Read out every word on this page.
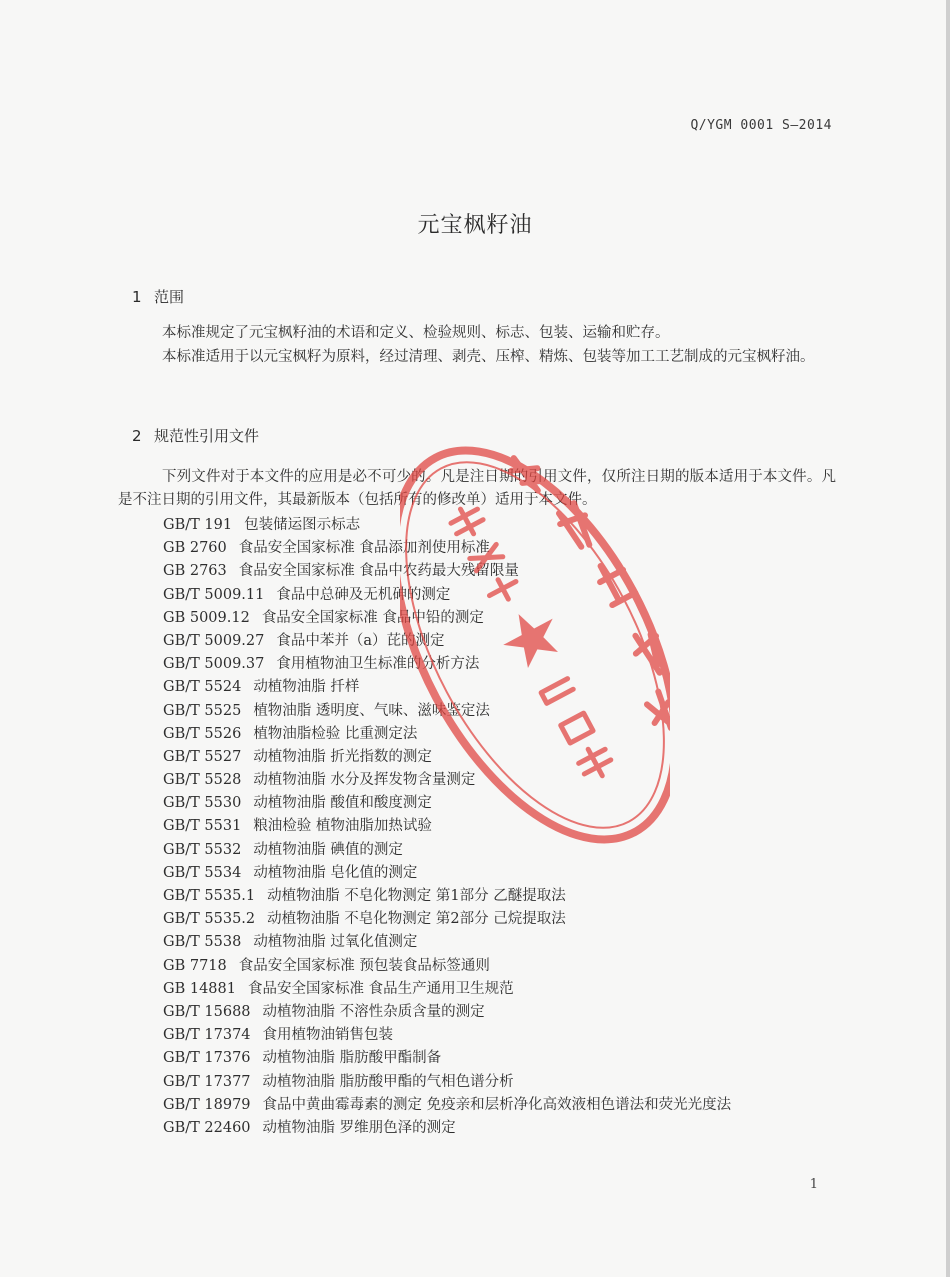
Q/YGM 0001 S—2014
元宝枫籽油
1 范围

本标准规定了元宝枫籽油的术语和定义、检验规则、标志、包装、运输和贮存。

本标准适用于以元宝枫籽为原料，经过清理、剥壳、压榨、精炼、包装等加工工艺制成的元宝枫籽油。

2 规范性引用文件

下列文件对于本文件的应用是必不可少的。凡是注日期的引用文件，仅所注日期的版本适用于本文件。凡是不注日期的引用文件，其最新版本（包括所有的修改单）适用于本文件。

GB/T 191 包装储运图示标志
GB 2760 食品安全国家标准 食品添加剂使用标准
GB 2763 食品安全国家标准 食品中农药最大残留限量
GB/T 5009.11 食品中总砷及无机砷的测定
GB 5009.12 食品安全国家标准 食品中铅的测定
GB/T 5009.27 食品中苯并（a）芘的测定
GB/T 5009.37 食用植物油卫生标准的分析方法
GB/T 5524 动植物油脂 扦样
GB/T 5525 植物油脂 透明度、气味、滋味鉴定法
GB/T 5526 植物油脂检验 比重测定法
GB/T 5527 动植物油脂 折光指数的测定
GB/T 5528 动植物油脂 水分及挥发物含量测定
GB/T 5530 动植物油脂 酸值和酸度测定
GB/T 5531 粮油检验 植物油脂加热试验
GB/T 5532 动植物油脂 碘值的测定
GB/T 5534 动植物油脂 皂化值的测定
GB/T 5535.1 动植物油脂 不皂化物测定 第1部分 乙醚提取法
GB/T 5535.2 动植物油脂 不皂化物测定 第2部分 己烷提取法
GB/T 5538 动植物油脂 过氧化值测定
GB 7718 食品安全国家标准 预包装食品标签通则
GB 14881 食品安全国家标准 食品生产通用卫生规范
GB/T 15688 动植物油脂 不溶性杂质含量的测定
GB/T 17374 食用植物油销售包装
GB/T 17376 动植物油脂 脂肪酸甲酯制备
GB/T 17377 动植物油脂 脂肪酸甲酯的气相色谱分析
GB/T 18979 食品中黄曲霉毒素的测定 免疫亲和层析净化高效液相色谱法和荧光光度法
GB/T 22460 动植物油脂 罗维朋色泽的测定
1
